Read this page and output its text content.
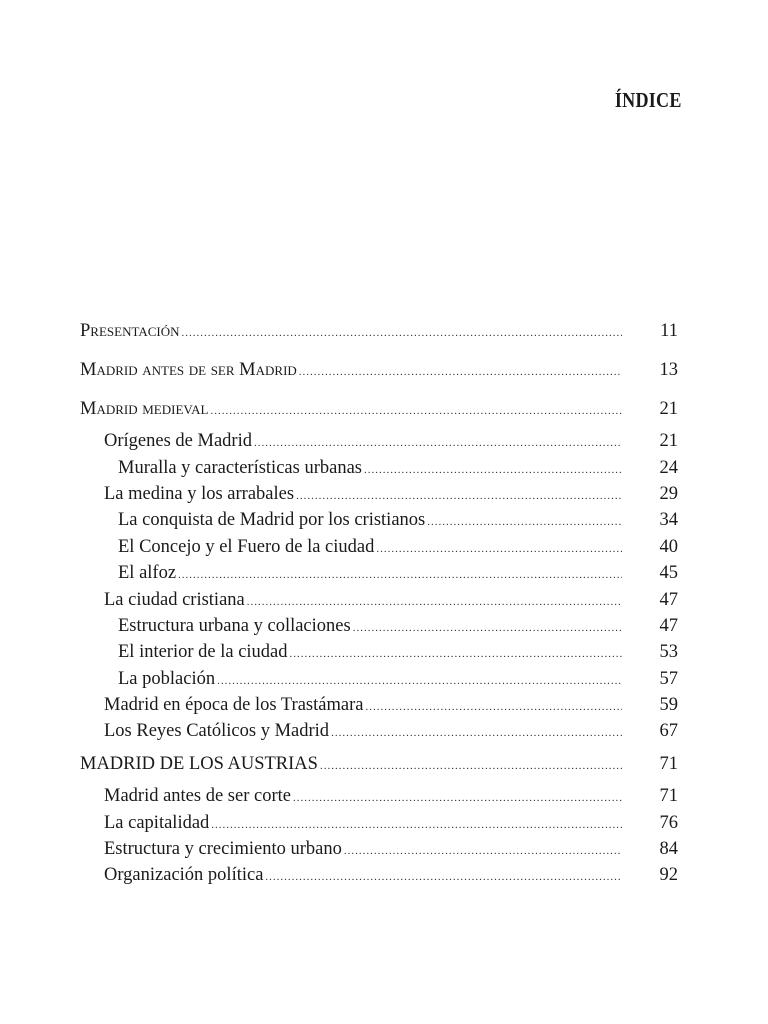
ÍNDICE
Presentación .....	11
Madrid antes de ser Madrid .....	13
Madrid medieval .....	21
Orígenes de Madrid .....	21
Muralla y características urbanas .....	24
La medina y los arrabales .....	29
La conquista de Madrid por los cristianos .....	34
El Concejo y el Fuero de la ciudad .....	40
El alfoz .....	45
La ciudad cristiana .....	47
Estructura urbana y collaciones .....	47
El interior de la ciudad .....	53
La población .....	57
Madrid en época de los Trastámara .....	59
Los Reyes Católicos y Madrid .....	67
MADRID DE LOS AUSTRIAS .....	71
Madrid antes de ser corte .....	71
La capitalidad .....	76
Estructura y crecimiento urbano .....	84
Organización política .....	92
